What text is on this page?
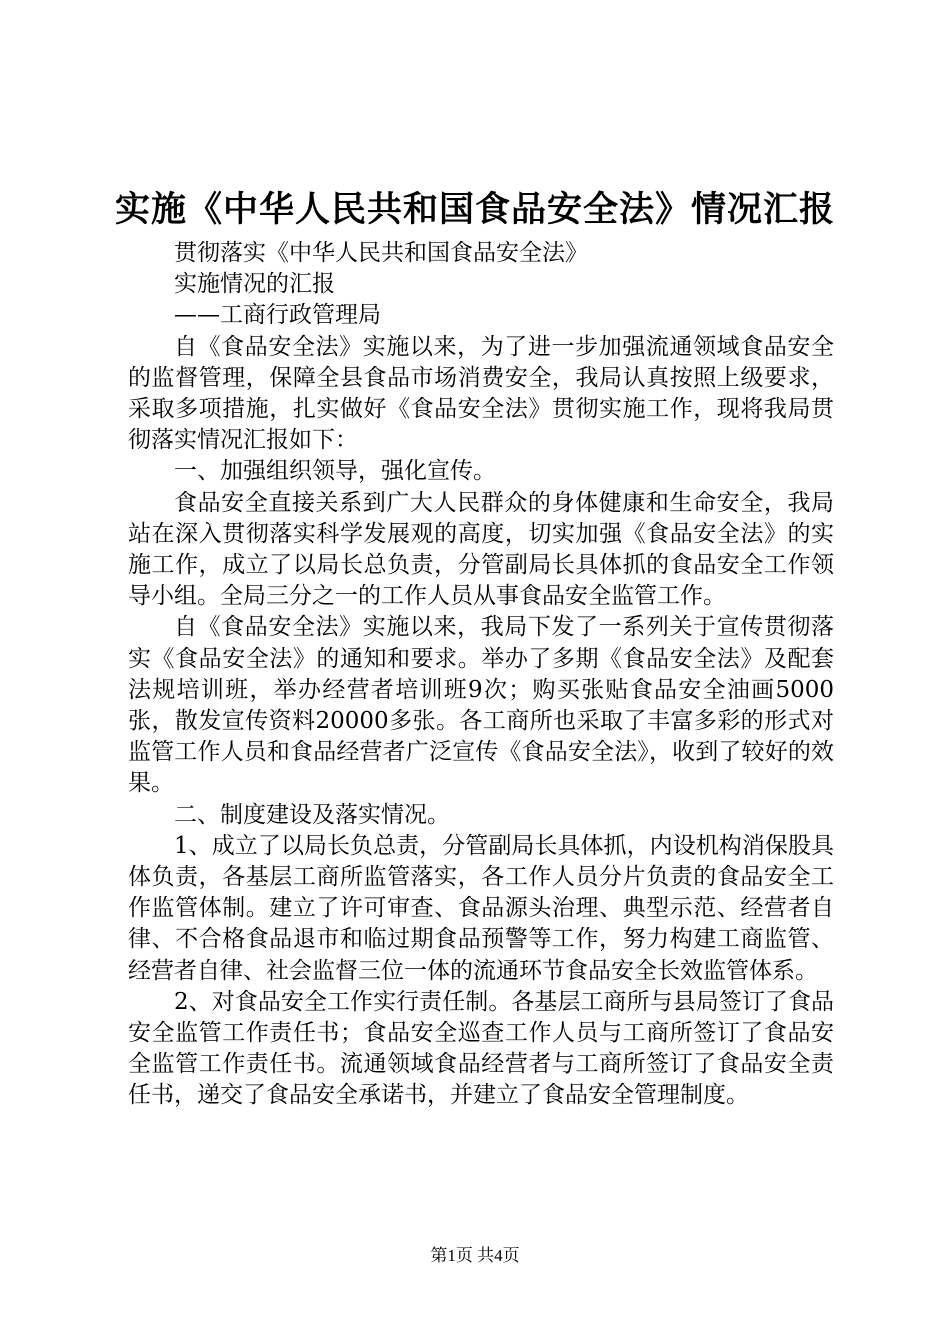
实施《中华人民共和国食品安全法》情况汇报

贯彻落实《中华人民共和国食品安全法》

实施情况的汇报

——工商行政管理局

自《食品安全法》实施以来，为了进一步加强流通领域食品安全的监督管理，保障全县食品市场消费安全，我局认真按照上级要求，采取多项措施，扎实做好《食品安全法》贯彻实施工作，现将我局贯彻落实情况汇报如下：

一、加强组织领导，强化宣传。

食品安全直接关系到广大人民群众的身体健康和生命安全，我局站在深入贯彻落实科学发展观的高度，切实加强《食品安全法》的实施工作，成立了以局长总负责，分管副局长具体抓的食品安全工作领导小组。全局三分之一的工作人员从事食品安全监管工作。

自《食品安全法》实施以来，我局下发了一系列关于宣传贯彻落实《食品安全法》的通知和要求。举办了多期《食品安全法》及配套法规培训班，举办经营者培训班9次；购买张贴食品安全油画5000张，散发宣传资料20000多张。各工商所也采取了丰富多彩的形式对监管工作人员和食品经营者广泛宣传《食品安全法》，收到了较好的效果。

二、制度建设及落实情况。

1、成立了以局长负总责，分管副局长具体抓，内设机构消保股具体负责，各基层工商所监管落实，各工作人员分片负责的食品安全工作监管体制。建立了许可审查、食品源头治理、典型示范、经营者自律、不合格食品退市和临过期食品预警等工作，努力构建工商监管、经营者自律、社会监督三位一体的流通环节食品安全长效监管体系。

2、对食品安全工作实行责任制。各基层工商所与县局签订了食品安全监管工作责任书；食品安全巡查工作人员与工商所签订了食品安全监管工作责任书。流通领域食品经营者与工商所签订了食品安全责任书，递交了食品安全承诺书，并建立了食品安全管理制度。

第1页 共4页
